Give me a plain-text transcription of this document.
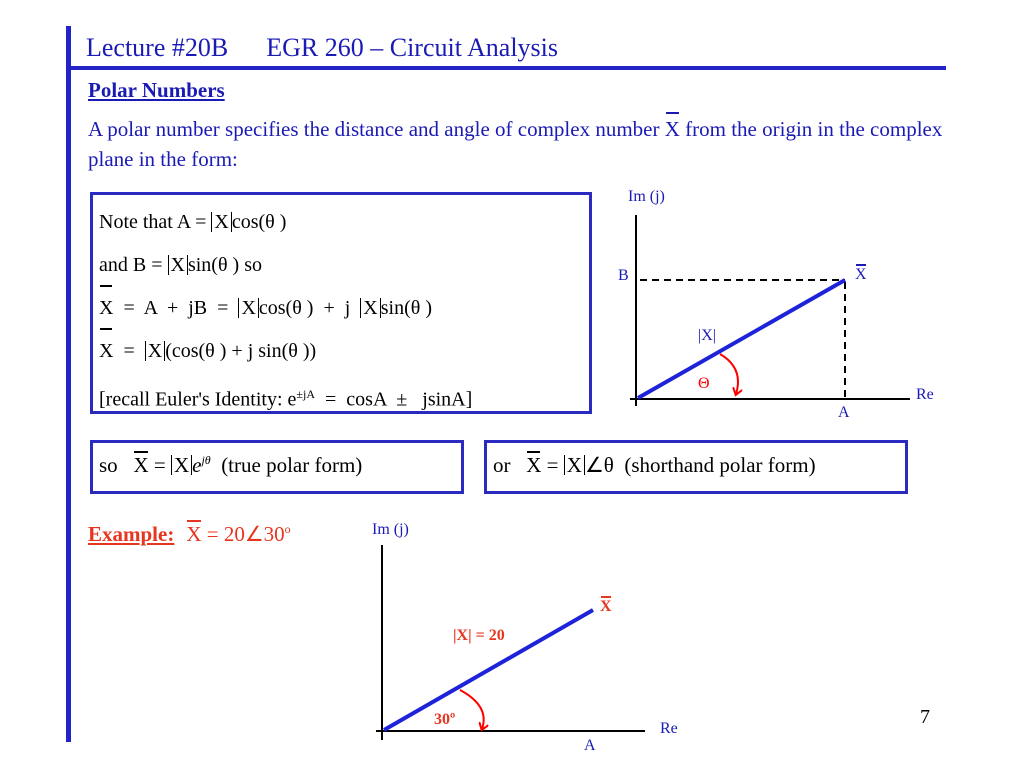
Lecture #20B EGR 260 – Circuit Analysis
Polar Numbers
A polar number specifies the distance and angle of complex number X from the origin in the complex plane in the form:
Note that A = X cos(θ )
and B = X sin(θ ) so
X  =  A  +  jB  =  X cos(θ )  +  j  X sin(θ )
X  =  X (cos(θ ) + j sin(θ ))
[recall Euler's Identity: $e^{\pm jA} = \cos A \pm jsinA$]
so X = X $e^{j\theta}$ (true polar form)	or X = X ∠θ (shorthand polar form)
Example: $X = 20\angle 30^o$
Im (j)
Re
B
A
X
|X|
Θ
Im (j)
Re
A
X
|X| = 20
30º	7
